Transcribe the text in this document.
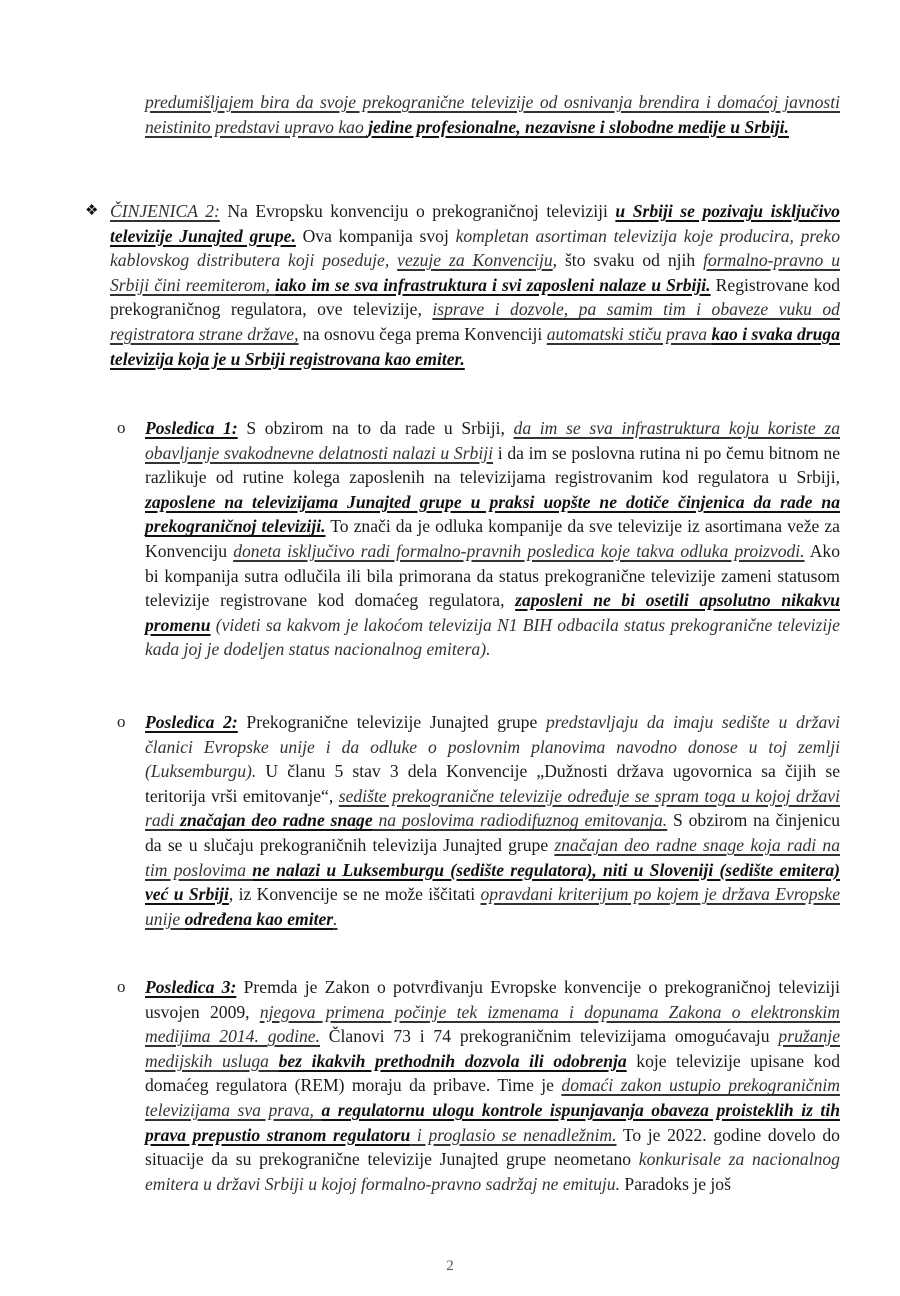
predumišljajem bira da svoje prekogranične televizije od osnivanja brendira i domaćoj javnosti neistinito predstavi upravo kao jedine profesionalne, nezavisne i slobodne medije u Srbiji.
❖ ČINJENICA 2: Na Evropsku konvenciju o prekograničnoj televiziji u Srbiji se pozivaju isključivo televizije Junajted grupe. Ova kompanija svoj kompletan asortiman televizija koje producira, preko kablovskog distributera koji poseduje, vezuje za Konvenciju, što svaku od njih formalno-pravno u Srbiji čini reemiterom, iako im se sva infrastruktura i svi zaposleni nalaze u Srbiji. Registrovane kod prekograničnog regulatora, ove televizije, isprave i dozvole, pa samim tim i obaveze vuku od registratora strane države, na osnovu čega prema Konvenciji automatski stiču prava kao i svaka druga televizija koja je u Srbiji registrovana kao emiter.
o Posledica 1: S obzirom na to da rade u Srbiji, da im se sva infrastruktura koju koriste za obavljanje svakodnevne delatnosti nalazi u Srbiji i da im se poslovna rutina ni po čemu bitnom ne razlikuje od rutine kolega zaposlenih na televizijama registrovanim kod regulatora u Srbiji, zaposlene na televizijama Junajted grupe u praksi uopšte ne dotiče činjenica da rade na prekograničnoj televiziji. To znači da je odluka kompanije da sve televizije iz asortimana veže za Konvenciju doneta isključivo radi formalno-pravnih posledica koje takva odluka proizvodi. Ako bi kompanija sutra odlučila ili bila primorana da status prekogranične televizije zameni statusom televizije registrovane kod domaćeg regulatora, zaposleni ne bi osetili apsolutno nikakvu promenu (videti sa kakvom je lakoćom televizija N1 BIH odbacila status prekogranične televizije kada joj je dodeljen status nacionalnog emitera).
o Posledica 2: Prekogranične televizije Junajted grupe predstavljaju da imaju sedište u državi članici Evropske unije i da odluke o poslovnim planovima navodno donose u toj zemlji (Luksemburgu). U članu 5 stav 3 dela Konvencije „Dužnosti država ugovornica sa čijih se teritorija vrši emitovanje“, sedište prekogranične televizije određuje se spram toga u kojoj državi radi značajan deo radne snage na poslovima radiodifuznog emitovanja. S obzirom na činjenicu da se u slučaju prekograničnih televizija Junajted grupe značajan deo radne snage koja radi na tim poslovima ne nalazi u Luksemburgu (sedište regulatora), niti u Sloveniji (sedište emitera) već u Srbiji, iz Konvencije se ne može iščitati opravdani kriterijum po kojem je država Evropske unije određena kao emiter.
o Posledica 3: Premda je Zakon o potvrđivanju Evropske konvencije o prekograničnoj televiziji usvojen 2009, njegova primena počinje tek izmenama i dopunama Zakona o elektronskim medijima 2014. godine. Članovi 73 i 74 prekograničnim televizijama omogućavaju pružanje medijskih usluga bez ikakvih prethodnih dozvola ili odobrenja koje televizije upisane kod domaćeg regulatora (REM) moraju da pribave. Time je domaći zakon ustupio prekograničnim televizijama sva prava, a regulatornu ulogu kontrole ispunjavanja obaveza proisteklih iz tih prava prepustio stranom regulatoru i proglasio se nenadležnim. To je 2022. godine dovelo do situacije da su prekogranične televizije Junajted grupe neometano konkurisale za nacionalnog emitera u državi Srbiji u kojoj formalno-pravno sadržaj ne emituju. Paradoks je još
2
